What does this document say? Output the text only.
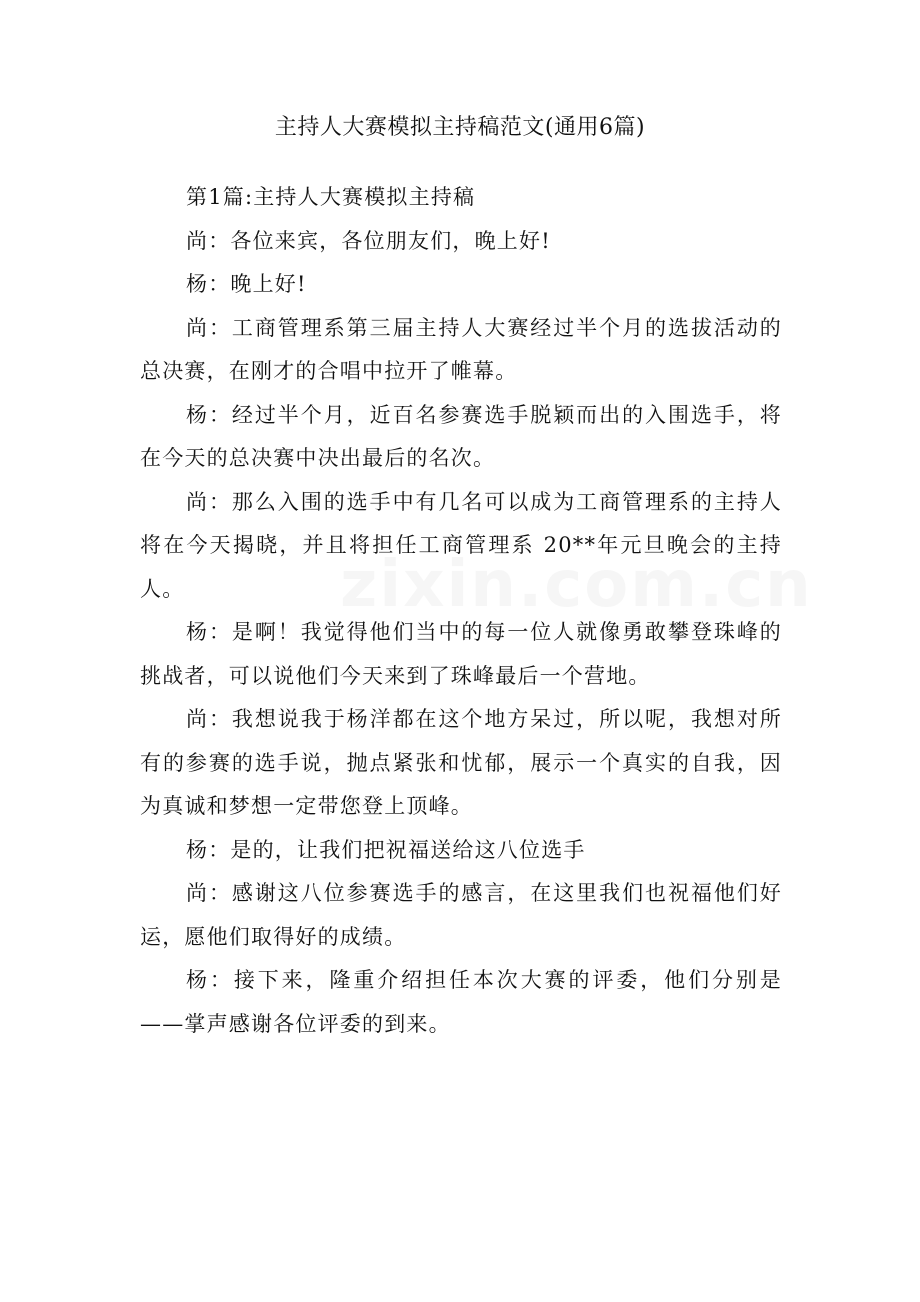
主持人大赛模拟主持稿范文(通用6篇)

第1篇:主持人大赛模拟主持稿

尚：各位来宾，各位朋友们，晚上好!

杨：晚上好!

尚：工商管理系第三届主持人大赛经过半个月的选拔活动的总决赛，在刚才的合唱中拉开了帷幕。

杨：经过半个月，近百名参赛选手脱颖而出的入围选手，将在今天的总决赛中决出最后的名次。

尚：那么入围的选手中有几名可以成为工商管理系的主持人将在今天揭晓，并且将担任工商管理系 20**年元旦晚会的主持人。

杨：是啊！我觉得他们当中的每一位人就像勇敢攀登珠峰的挑战者，可以说他们今天来到了珠峰最后一个营地。

尚：我想说我于杨洋都在这个地方呆过，所以呢，我想对所有的参赛的选手说，抛点紧张和忧郁，展示一个真实的自我，因为真诚和梦想一定带您登上顶峰。

杨：是的，让我们把祝福送给这八位选手

尚：感谢这八位参赛选手的感言，在这里我们也祝福他们好运，愿他们取得好的成绩。

杨：接下来，隆重介绍担任本次大赛的评委，他们分别是——掌声感谢各位评委的到来。

zixin.com.cn
